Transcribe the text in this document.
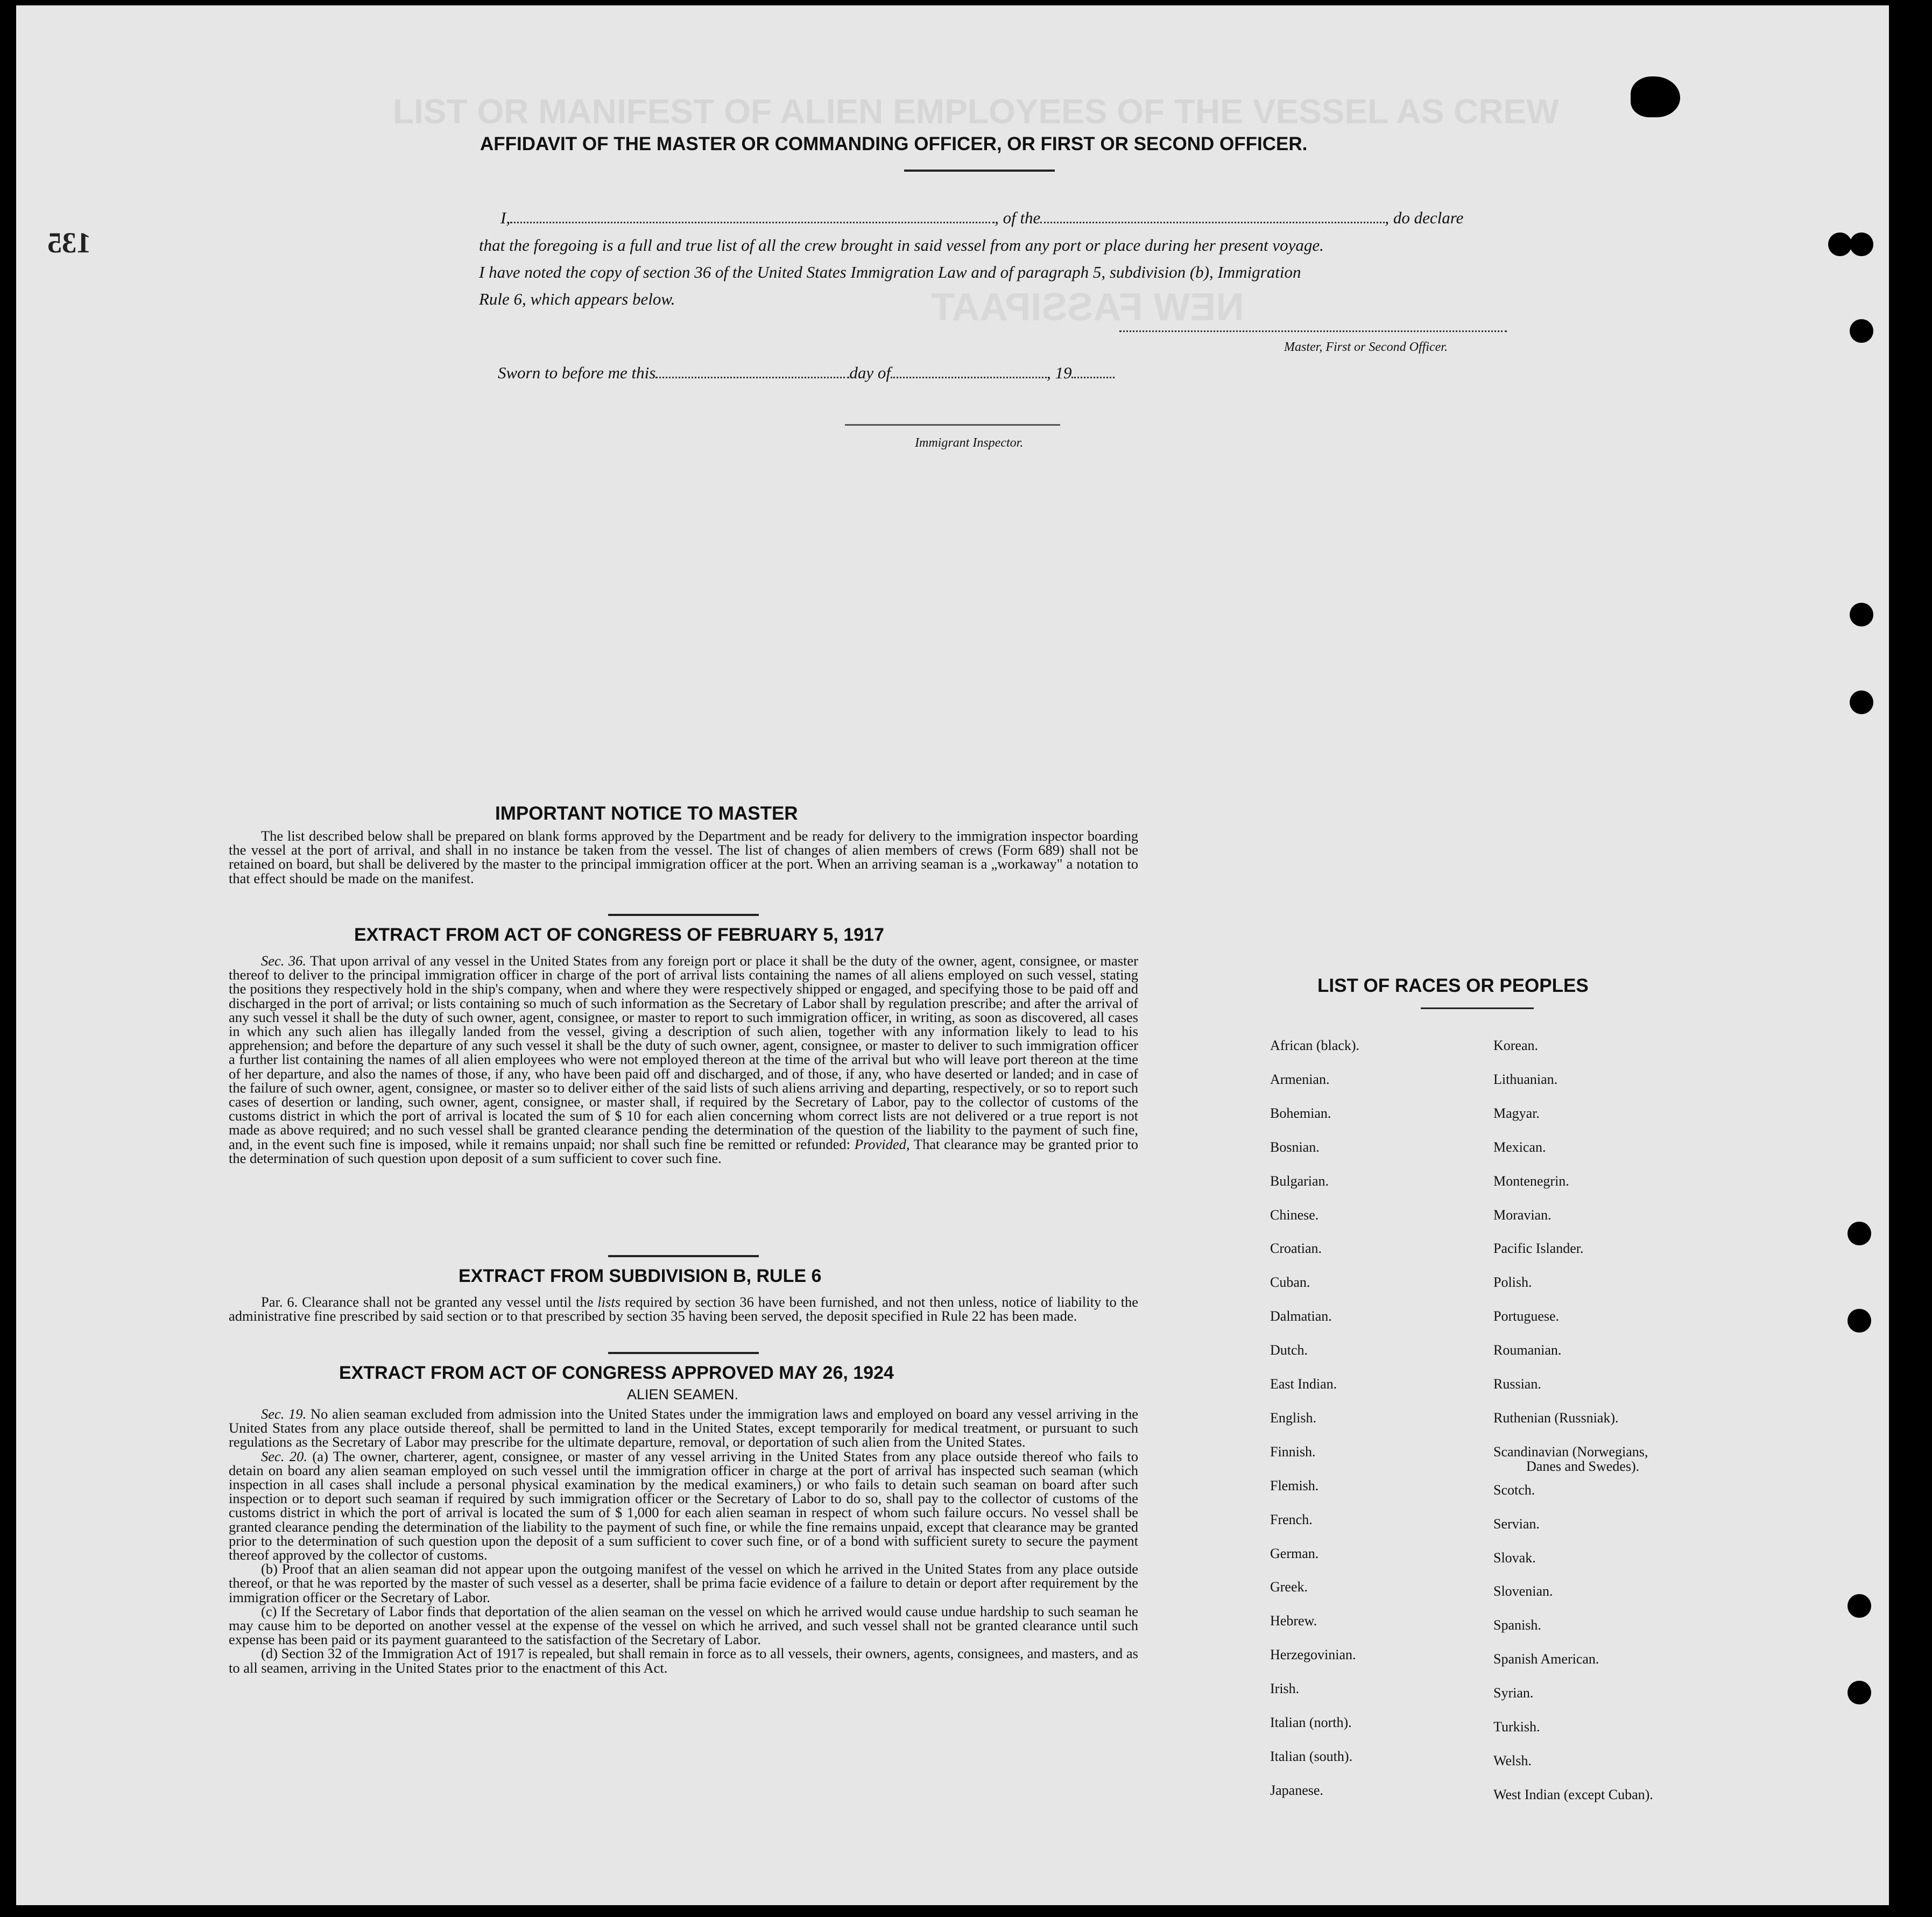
LIST OR MANIFEST OF ALIEN EMPLOYEES OF THE VESSEL AS CREW
NEW FASSIPAAT
135
AFFIDAVIT OF THE MASTER OR COMMANDING OFFICER, OR FIRST OR SECOND OFFICER.
I,	, of the	, do declare
that the foregoing is a full and true list of all the crew brought in said vessel from any port or place during her present voyage.
I have noted the copy of section 36 of the United States Immigration Law and of paragraph 5, subdivision (b), Immigration
Rule 6, which appears below.
Master, First or Second Officer.
Sworn to before me this	day of	, 19
Immigrant Inspector.
IMPORTANT NOTICE TO MASTER

The list described below shall be prepared on blank forms approved by the Department and be ready for delivery to the immigration inspector boarding the vessel at the port of arrival, and shall in no instance be taken from the vessel. The list of changes of alien members of crews (Form 689) shall not be retained on board, but shall be delivered by the master to the principal immigration officer at the port. When an arriving seaman is a „workaway" a notation to that effect should be made on the manifest.

EXTRACT FROM ACT OF CONGRESS OF FEBRUARY 5, 1917

Sec. 36. That upon arrival of any vessel in the United States from any foreign port or place it shall be the duty of the owner, agent, consignee, or master thereof to deliver to the principal immigration officer in charge of the port of arrival lists containing the names of all aliens employed on such vessel, stating the positions they respectively hold in the ship's company, when and where they were respectively shipped or engaged, and specifying those to be paid off and discharged in the port of arrival; or lists containing so much of such information as the Secretary of Labor shall by regulation prescribe; and after the arrival of any such vessel it shall be the duty of such owner, agent, consignee, or master to report to such immigration officer, in writing, as soon as discovered, all cases in which any such alien has illegally landed from the vessel, giving a description of such alien, together with any information likely to lead to his apprehension; and before the departure of any such vessel it shall be the duty of such owner, agent, consignee, or master to deliver to such immigration officer a further list containing the names of all alien employees who were not employed thereon at the time of the arrival but who will leave port thereon at the time of her departure, and also the names of those, if any, who have been paid off and discharged, and of those, if any, who have deserted or landed; and in case of the failure of such owner, agent, consignee, or master so to deliver either of the said lists of such aliens arriving and departing, respectively, or so to report such cases of desertion or landing, such owner, agent, consignee, or master shall, if required by the Secretary of Labor, pay to the collector of customs of the customs district in which the port of arrival is located the sum of $ 10 for each alien concerning whom correct lists are not delivered or a true report is not made as above required; and no such vessel shall be granted clearance pending the determination of the question of the liability to the payment of such fine, and, in the event such fine is imposed, while it remains unpaid; nor shall such fine be remitted or refunded: Provided, That clearance may be granted prior to the determination of such question upon deposit of a sum sufficient to cover such fine.

EXTRACT FROM SUBDIVISION B, RULE 6

Par. 6. Clearance shall not be granted any vessel until the lists required by section 36 have been furnished, and not then unless, notice of liability to the administrative fine prescribed by said section or to that prescribed by section 35 having been served, the deposit specified in Rule 22 has been made.

EXTRACT FROM ACT OF CONGRESS APPROVED MAY 26, 1924
ALIEN SEAMEN.

Sec. 19. No alien seaman excluded from admission into the United States under the immigration laws and employed on board any vessel arriving in the United States from any place outside thereof, shall be permitted to land in the United States, except temporarily for medical treatment, or pursuant to such regulations as the Secretary of Labor may prescribe for the ultimate departure, removal, or deportation of such alien from the United States.

Sec. 20. (a) The owner, charterer, agent, consignee, or master of any vessel arriving in the United States from any place outside thereof who fails to detain on board any alien seaman employed on such vessel until the immigration officer in charge at the port of arrival has inspected such seaman (which inspection in all cases shall include a personal physical examination by the medical examiners,) or who fails to detain such seaman on board after such inspection or to deport such seaman if required by such immigration officer or the Secretary of Labor to do so, shall pay to the collector of customs of the customs district in which the port of arrival is located the sum of $ 1,000 for each alien seaman in respect of whom such failure occurs. No vessel shall be granted clearance pending the determination of the liability to the payment of such fine, or while the fine remains unpaid, except that clearance may be granted prior to the determination of such question upon the deposit of a sum sufficient to cover such fine, or of a bond with sufficient surety to secure the payment thereof approved by the collector of customs.

(b) Proof that an alien seaman did not appear upon the outgoing manifest of the vessel on which he arrived in the United States from any place outside thereof, or that he was reported by the master of such vessel as a deserter, shall be prima facie evidence of a failure to detain or deport after requirement by the immigration officer or the Secretary of Labor.

(c) If the Secretary of Labor finds that deportation of the alien seaman on the vessel on which he arrived would cause undue hardship to such seaman he may cause him to be deported on another vessel at the expense of the vessel on which he arrived, and such vessel shall not be granted clearance until such expense has been paid or its payment guaranteed to the satisfaction of the Secretary of Labor.

(d) Section 32 of the Immigration Act of 1917 is repealed, but shall remain in force as to all vessels, their owners, agents, consignees, and masters, and as to all seamen, arriving in the United States prior to the enactment of this Act.

LIST OF RACES OR PEOPLES
African (black).
Armenian.
Bohemian.
Bosnian.
Bulgarian.
Chinese.
Croatian.
Cuban.
Dalmatian.
Dutch.
East Indian.
English.
Finnish.
Flemish.
French.
German.
Greek.
Hebrew.
Herzegovinian.
Irish.
Italian (north).
Italian (south).
Japanese.
Korean.
Lithuanian.
Magyar.
Mexican.
Montenegrin.
Moravian.
Pacific Islander.
Polish.
Portuguese.
Roumanian.
Russian.
Ruthenian (Russniak).
Scandinavian (Norwegians,
Scotch.
Servian.
Slovak.
Slovenian.
Spanish.
Spanish American.
Syrian.
Turkish.
Welsh.
West Indian (except Cuban).
Danes and Swedes).
